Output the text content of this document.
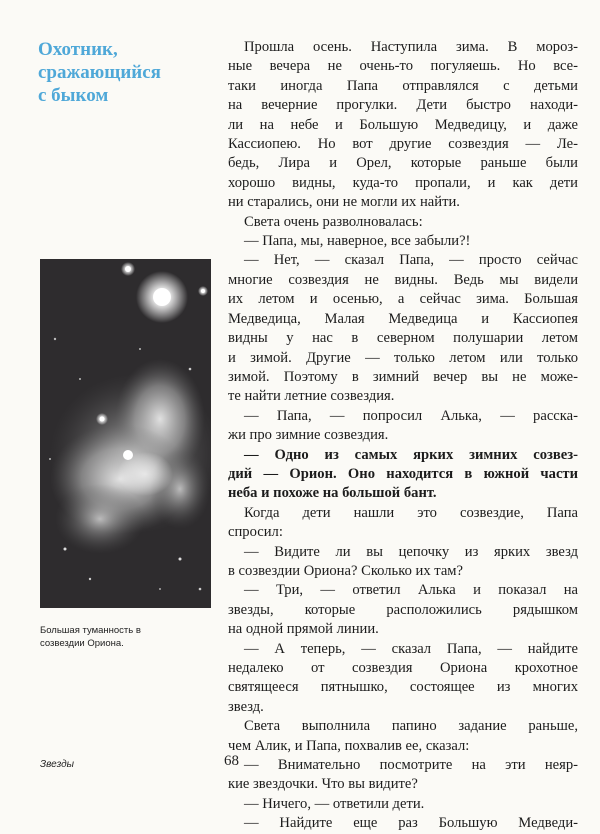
Охотник,
сражающийся
с быком
Большая туманность в
созвездии Ориона.
Звезды	68
Прошла осень. Наступила зима. В мороз-
ные вечера не очень-то погуляешь. Но все-
таки иногда Папа отправлялся с детьми
на вечерние прогулки. Дети быстро находи-
ли на небе и Большую Медведицу, и даже
Кассиопею. Но вот другие созвездия — Ле-
бедь, Лира и Орел, которые раньше были
хорошо видны, куда-то пропали, и как дети
ни старались, они не могли их найти.
Света очень разволновалась:
— Папа, мы, наверное, все забыли?!
— Нет, — сказал Папа, — просто сейчас
многие созвездия не видны. Ведь мы видели
их летом и осенью, а сейчас зима. Большая
Медведица, Малая Медведица и Кассиопея
видны у нас в северном полушарии летом
и зимой. Другие — только летом или только
зимой. Поэтому в зимний вечер вы не може-
те найти летние созвездия.
— Папа, — попросил Алька, — расска-
жи про зимние созвездия.
— Одно из самых ярких зимних созвез-
дий — Орион. Оно находится в южной части
неба и похоже на большой бант.
Когда дети нашли это созвездие, Папа
спросил:
— Видите ли вы цепочку из ярких звезд
в созвездии Ориона? Сколько их там?
— Три, — ответил Алька и показал на
звезды, которые расположились рядышком
на одной прямой линии.
— А теперь, — сказал Папа, — найдите
недалеко от созвездия Ориона крохотное
святящееся пятнышко, состоящее из многих
звезд.
Света выполнила папино задание раньше,
чем Алик, и Папа, похвалив ее, сказал:
— Внимательно посмотрите на эти неяр-
кие звездочки. Что вы видите?
— Ничего, — ответили дети.
— Найдите еще раз Большую Медведи-
